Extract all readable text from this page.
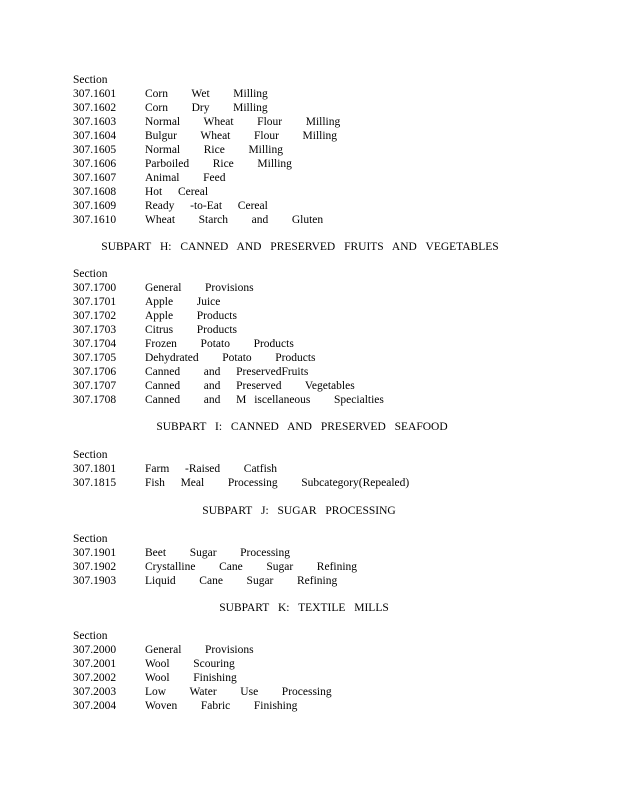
Section
307.1601	Corn   Wet   Milling
307.1602	Corn   Dry   Milling
307.1603	Normal   Wheat   Flour   Milling
307.1604	Bulgur   Wheat   Flour   Milling
307.1605	Normal   Rice   Milling
307.1606	Parboiled   Rice   Milling
307.1607	Animal   Feed
307.1608	Hot  Cereal
307.1609	Ready  -to-Eat  Cereal
307.1610	Wheat   Starch   and   Gluten
SUBPART H: CANNED AND PRESERVED FRUITS AND VEGETABLES
Section
307.1700	General   Provisions
307.1701	Apple   Juice
307.1702	Apple   Products
307.1703	Citrus   Products
307.1704	Frozen   Potato   Products
307.1705	Dehydrated   Potato   Products
307.1706	Canned   and  PreservedFruits
307.1707	Canned   and  Preserved   Vegetables
307.1708	Canned   and  M iscellaneous   Specialties
SUBPART I: CANNED AND PRESERVED SEAFOOD
Section
307.1801	Farm  -Raised   Catfish
307.1815	Fish  Meal   Processing   Subcategory(Repealed)
SUBPART J: SUGAR PROCESSING
Section
307.1901	Beet   Sugar   Processing
307.1902	Crystalline   Cane   Sugar   Refining
307.1903	Liquid   Cane   Sugar   Refining
SUBPART K: TEXTILE MILLS
Section
307.2000	General   Provisions
307.2001	Wool   Scouring
307.2002	Wool   Finishing
307.2003	Low   Water   Use   Processing
307.2004	Woven   Fabric   Finishing
